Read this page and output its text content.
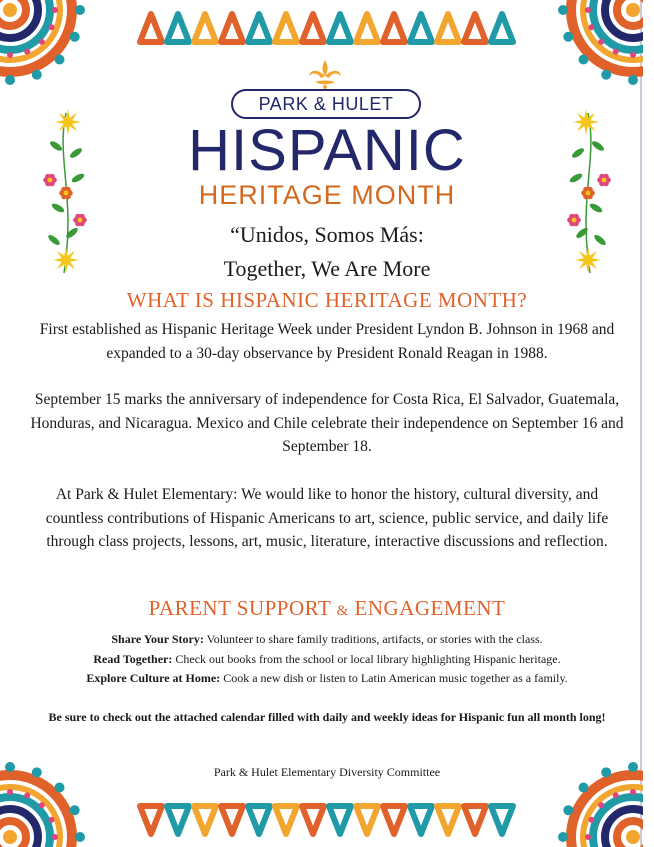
PARK & HULET
HISPANIC
HERITAGE MONTH
“Unidos, Somos Más:
Together, We Are More
WHAT IS HISPANIC HERITAGE MONTH?

First established as Hispanic Heritage Week under President Lyndon B. Johnson in 1968 and expanded to a 30-day observance by President Ronald Reagan in 1988.

September 15 marks the anniversary of independence for Costa Rica, El Salvador, Guatemala, Honduras, and Nicaragua. Mexico and Chile celebrate their independence on September 16 and September 18.

At Park & Hulet Elementary: We would like to honor the history, cultural diversity, and countless contributions of Hispanic Americans to art, science, public service, and daily life through class projects, lessons, art, music, literature, interactive discussions and reflection.

PARENT SUPPORT & ENGAGEMENT
Share Your Story: Volunteer to share family traditions, artifacts, or stories with the class.
Read Together: Check out books from the school or local library highlighting Hispanic heritage.
Explore Culture at Home: Cook a new dish or listen to Latin American music together as a family.
Be sure to check out the attached calendar filled with daily and weekly ideas for Hispanic fun all month long!
Park & Hulet Elementary Diversity Committee
